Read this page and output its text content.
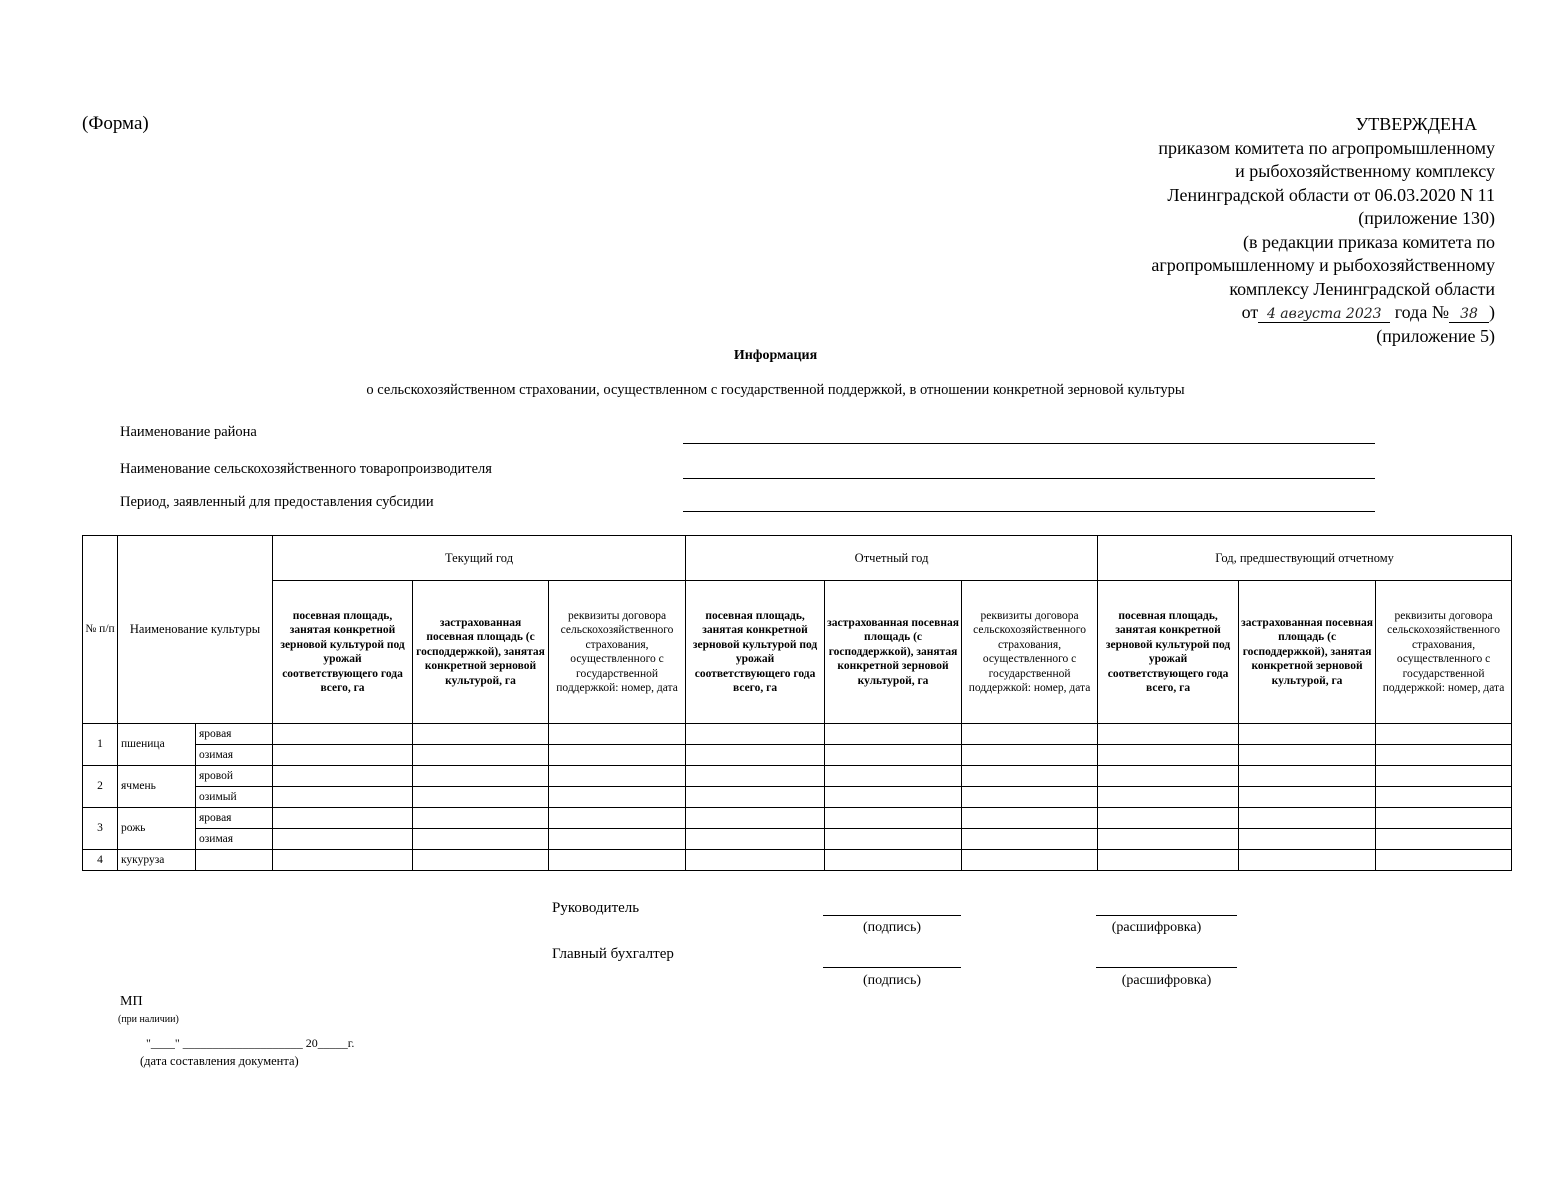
(Форма)	УТВЕРЖДЕНА
приказом комитета по агропромышленному
и рыбохозяйственному комплексу
Ленинградской области от 06.03.2020 N 11
(приложение 130)
(в редакции приказа комитета по
агропромышленному и рыбохозяйственному
комплексу Ленинградской области
от 4 августа 2023 года № 38 )
(приложение 5)
Информация
о сельскохозяйственном страховании, осуществленном с государственной поддержкой, в отношении конкретной зерновой культуры
Наименование района
Наименование сельскохозяйственного товаропроизводителя
Период, заявленный для предоставления субсидии
№ п/п	Наименование культуры		Текущий год			Отчетный год			Год, предшествующий отчетному		
			посевная площадь, занятая конкретной зерновой культурой под урожай соответствующего года всего, га	застрахованная посевная площадь (с господдержкой), занятая конкретной зерновой культурой, га	реквизиты договора сельскохозяйственного страхования, осуществленного с государственной поддержкой: номер, дата	посевная площадь, занятая конкретной зерновой культурой под урожай соответствующего года всего, га	застрахованная посевная площадь (с господдержкой), занятая конкретной зерновой культурой, га	реквизиты договора сельскохозяйственного страхования, осуществленного с государственной поддержкой: номер, дата	посевная площадь, занятая конкретной зерновой культурой под урожай соответствующего года всего, га	застрахованная посевная площадь (с господдержкой), занятая конкретной зерновой культурой, га	реквизиты договора сельскохозяйственного страхования, осуществленного с государственной поддержкой: номер, дата
1	пшеница	яровая									
		озимая									
2	ячмень	яровой									
		озимый									
3	рожь	яровая									
		озимая									
4	кукуруза										
Руководитель
(подпись)	(расшифровка)
Главный бухгалтер
(подпись)	(расшифровка)
МП
(при наличии)
"____" ____________________ 20_____г.
(дата составления документа)
